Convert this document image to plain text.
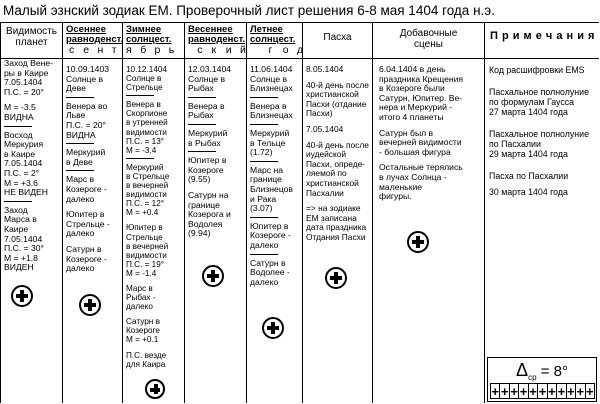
Малый эзнский зодиак ЕМ. Проверочный лист решения 6-8 мая 1404 года н.э.
Видимость
планет

Заход Вене-

ры в Каире

7.05.1404

П.С. = 20°

M = -3.5

ВИДНА

Восход

Меркурия

в Каире

7.05.1404

П.С. = 2°

M = +3.6

НЕ ВИДЕН

Заход

Марса в

Каире

7.05.1404

П.С. = 30°

M = +1.8

ВИДЕН

Осеннее
равноденст.

10.09.1403

Солнце в

Деве

Венера во

Льве

П.С. = 20°

ВИДНА

Меркурий

в Деве

Марс в

Козероге -

далеко

Юпитер в

Стрельце -

далеко

Сатурн в

Козероге -

далеко

Зимнее
солнцест.

10.12.1404

Солнце в

Стрельце

Венера в

Скорпионе

в утренней

видимости

П.С. = 13°

M = -3.4

Меркурий

в Стрельце

в вечерней

видимости

П.С. = 12°

M = +0.4

Юпитер в

Стрельце

в вечерней

видимости

П.С. = 19°

M = -1.4

Марс в

Рыбах -

далеко

Сатурн в

Козероге

M = +0.1

П.С. везде

для Каира

Весеннее
равноденст.

12.03.1404

Солнце в

Рыбах

Венера в

Рыбах

Меркурий

в Рыбах

Юпитер в

Козероге

(9.55)

Сатурн на

границе

Козерога и

Водолея

(9.94)

Летнее
солнцест.

11.06.1404

Солнце в

Близнецах

Венера в

Близнецах

Меркурий

в Тельце

(1.72)

Марс на

границе

Близнецов

и Рака

(3.07)

Юпитер в

Козероге -

далеко

Сатурн в

Водолее -

далеко

Пасха

8.05.1404

40-й день после

христианской

Пасхи (отдание

Пасхи)

7.05.1404

40-й день после

иудейской

Пасхи, опреде-

ляемой по

христианской

Пасхалии

=> на зодиаке

ЕМ записана

дата праздника

Отдания Пасхи

Добавочные
сцены

6.04.1404 в день

праздника Крещения

в Козероге были

Сатурн, Юпитер. Ве-

нера и Меркурий -

итого 4 планеты

Сатурн был в

вечерней видимости

- большая фигура

Остальные терялись

в лучах Солнца -

маленькие

фигуры.

П р и м е ч а н и я

Код расшифровки EMS

Пасхальное полнолуние

по формулам Гаусса

27 марта 1404 года

Пасхальное полнолуние

по Пасхалии

29 марта 1404 года

Пасха по Пасхалии

30 марта 1404 года

с е н т я б р ь с к и й г о д
$\Delta_{ср} = 8^\circ$
+ + + + + + + + + + +
